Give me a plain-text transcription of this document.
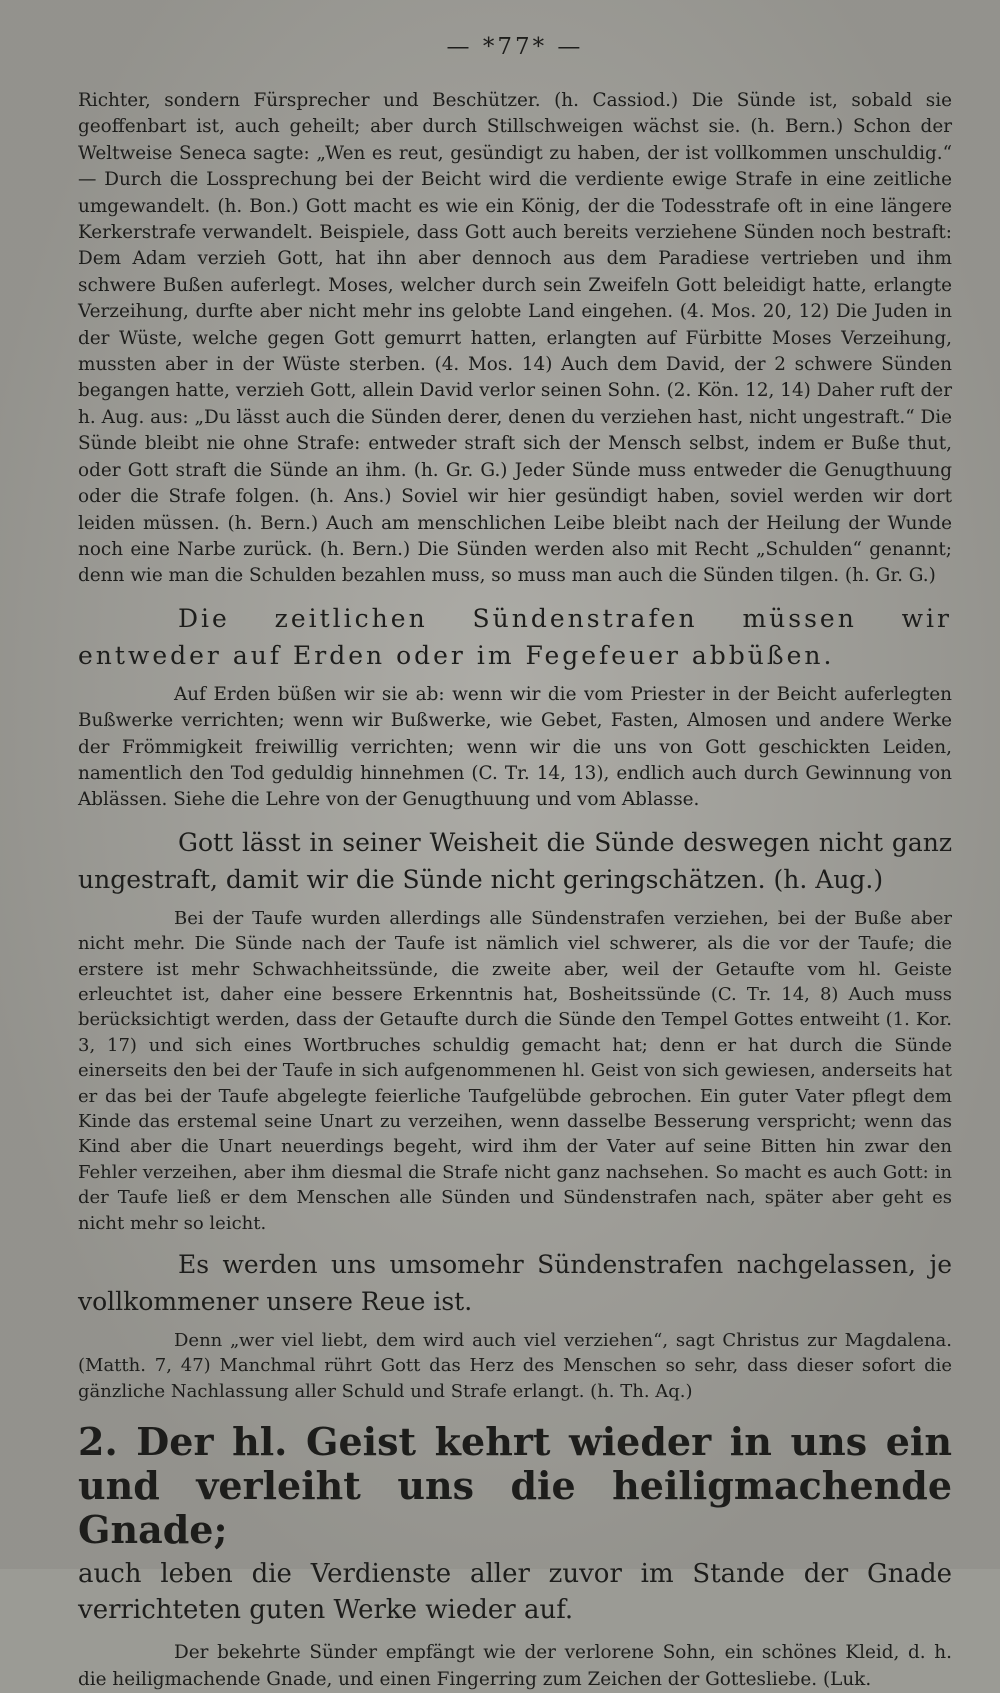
— *77* —

Richter, sondern Fürsprecher und Beschützer. (h. Cassiod.) Die Sünde ist, sobald sie geoffenbart ist, auch geheilt; aber durch Stillschweigen wächst sie. (h. Bern.) Schon der Weltweise Seneca sagte: „Wen es reut, gesündigt zu haben, der ist vollkommen unschuldig.“ — Durch die Lossprechung bei der Beicht wird die verdiente ewige Strafe in eine zeitliche umgewandelt. (h. Bon.) Gott macht es wie ein König, der die Todesstrafe oft in eine längere Kerkerstrafe verwandelt. Beispiele, dass Gott auch bereits verziehene Sünden noch bestraft: Dem Adam verzieh Gott, hat ihn aber dennoch aus dem Paradiese vertrieben und ihm schwere Bußen auferlegt. Moses, welcher durch sein Zweifeln Gott beleidigt hatte, erlangte Verzeihung, durfte aber nicht mehr ins gelobte Land eingehen. (4. Mos. 20, 12) Die Juden in der Wüste, welche gegen Gott gemurrt hatten, erlangten auf Fürbitte Moses Verzeihung, mussten aber in der Wüste sterben. (4. Mos. 14) Auch dem David, der 2 schwere Sünden begangen hatte, verzieh Gott, allein David verlor seinen Sohn. (2. Kön. 12, 14) Daher ruft der h. Aug. aus: „Du lässt auch die Sünden derer, denen du verziehen hast, nicht ungestraft.“ Die Sünde bleibt nie ohne Strafe: entweder straft sich der Mensch selbst, indem er Buße thut, oder Gott straft die Sünde an ihm. (h. Gr. G.) Jeder Sünde muss entweder die Genugthuung oder die Strafe folgen. (h. Ans.) Soviel wir hier gesündigt haben, soviel werden wir dort leiden müssen. (h. Bern.) Auch am menschlichen Leibe bleibt nach der Heilung der Wunde noch eine Narbe zurück. (h. Bern.) Die Sünden werden also mit Recht „Schulden“ genannt; denn wie man die Schulden bezahlen muss, so muss man auch die Sünden tilgen. (h. Gr. G.)

Die zeitlichen Sündenstrafen müssen wir entweder auf Erden oder im Fegefeuer abbüßen.

Auf Erden büßen wir sie ab: wenn wir die vom Priester in der Beicht auferlegten Bußwerke verrichten; wenn wir Bußwerke, wie Gebet, Fasten, Almosen und andere Werke der Frömmigkeit freiwillig verrichten; wenn wir die uns von Gott geschickten Leiden, namentlich den Tod geduldig hinnehmen (C. Tr. 14, 13), endlich auch durch Gewinnung von Ablässen. Siehe die Lehre von der Genugthuung und vom Ablasse.

Gott lässt in seiner Weisheit die Sünde deswegen nicht ganz ungestraft, damit wir die Sünde nicht geringschätzen. (h. Aug.)

Bei der Taufe wurden allerdings alle Sündenstrafen verziehen, bei der Buße aber nicht mehr. Die Sünde nach der Taufe ist nämlich viel schwerer, als die vor der Taufe; die erstere ist mehr Schwachheitssünde, die zweite aber, weil der Getaufte vom hl. Geiste erleuchtet ist, daher eine bessere Erkenntnis hat, Bosheitssünde (C. Tr. 14, 8) Auch muss berücksichtigt werden, dass der Getaufte durch die Sünde den Tempel Gottes entweiht (1. Kor. 3, 17) und sich eines Wortbruches schuldig gemacht hat; denn er hat durch die Sünde einerseits den bei der Taufe in sich aufgenommenen hl. Geist von sich gewiesen, anderseits hat er das bei der Taufe abgelegte feierliche Taufgelübde gebrochen. Ein guter Vater pflegt dem Kinde das erstemal seine Unart zu verzeihen, wenn dasselbe Besserung verspricht; wenn das Kind aber die Unart neuerdings begeht, wird ihm der Vater auf seine Bitten hin zwar den Fehler verzeihen, aber ihm diesmal die Strafe nicht ganz nachsehen. So macht es auch Gott: in der Taufe ließ er dem Menschen alle Sünden und Sündenstrafen nach, später aber geht es nicht mehr so leicht.

Es werden uns umsomehr Sündenstrafen nachgelassen, je vollkommener unsere Reue ist.

Denn „wer viel liebt, dem wird auch viel verziehen“, sagt Christus zur Magdalena. (Matth. 7, 47) Manchmal rührt Gott das Herz des Menschen so sehr, dass dieser sofort die gänzliche Nachlassung aller Schuld und Strafe erlangt. (h. Th. Aq.)

2. Der hl. Geist kehrt wieder in uns ein und verleiht uns die heiligmachende Gnade;

auch leben die Verdienste aller zuvor im Stande der Gnade verrichteten guten Werke wieder auf.

Der bekehrte Sünder empfängt wie der verlorene Sohn, ein schönes Kleid, d. h. die heiligmachende Gnade, und einen Fingerring zum Zeichen der Gottesliebe. (Luk.
